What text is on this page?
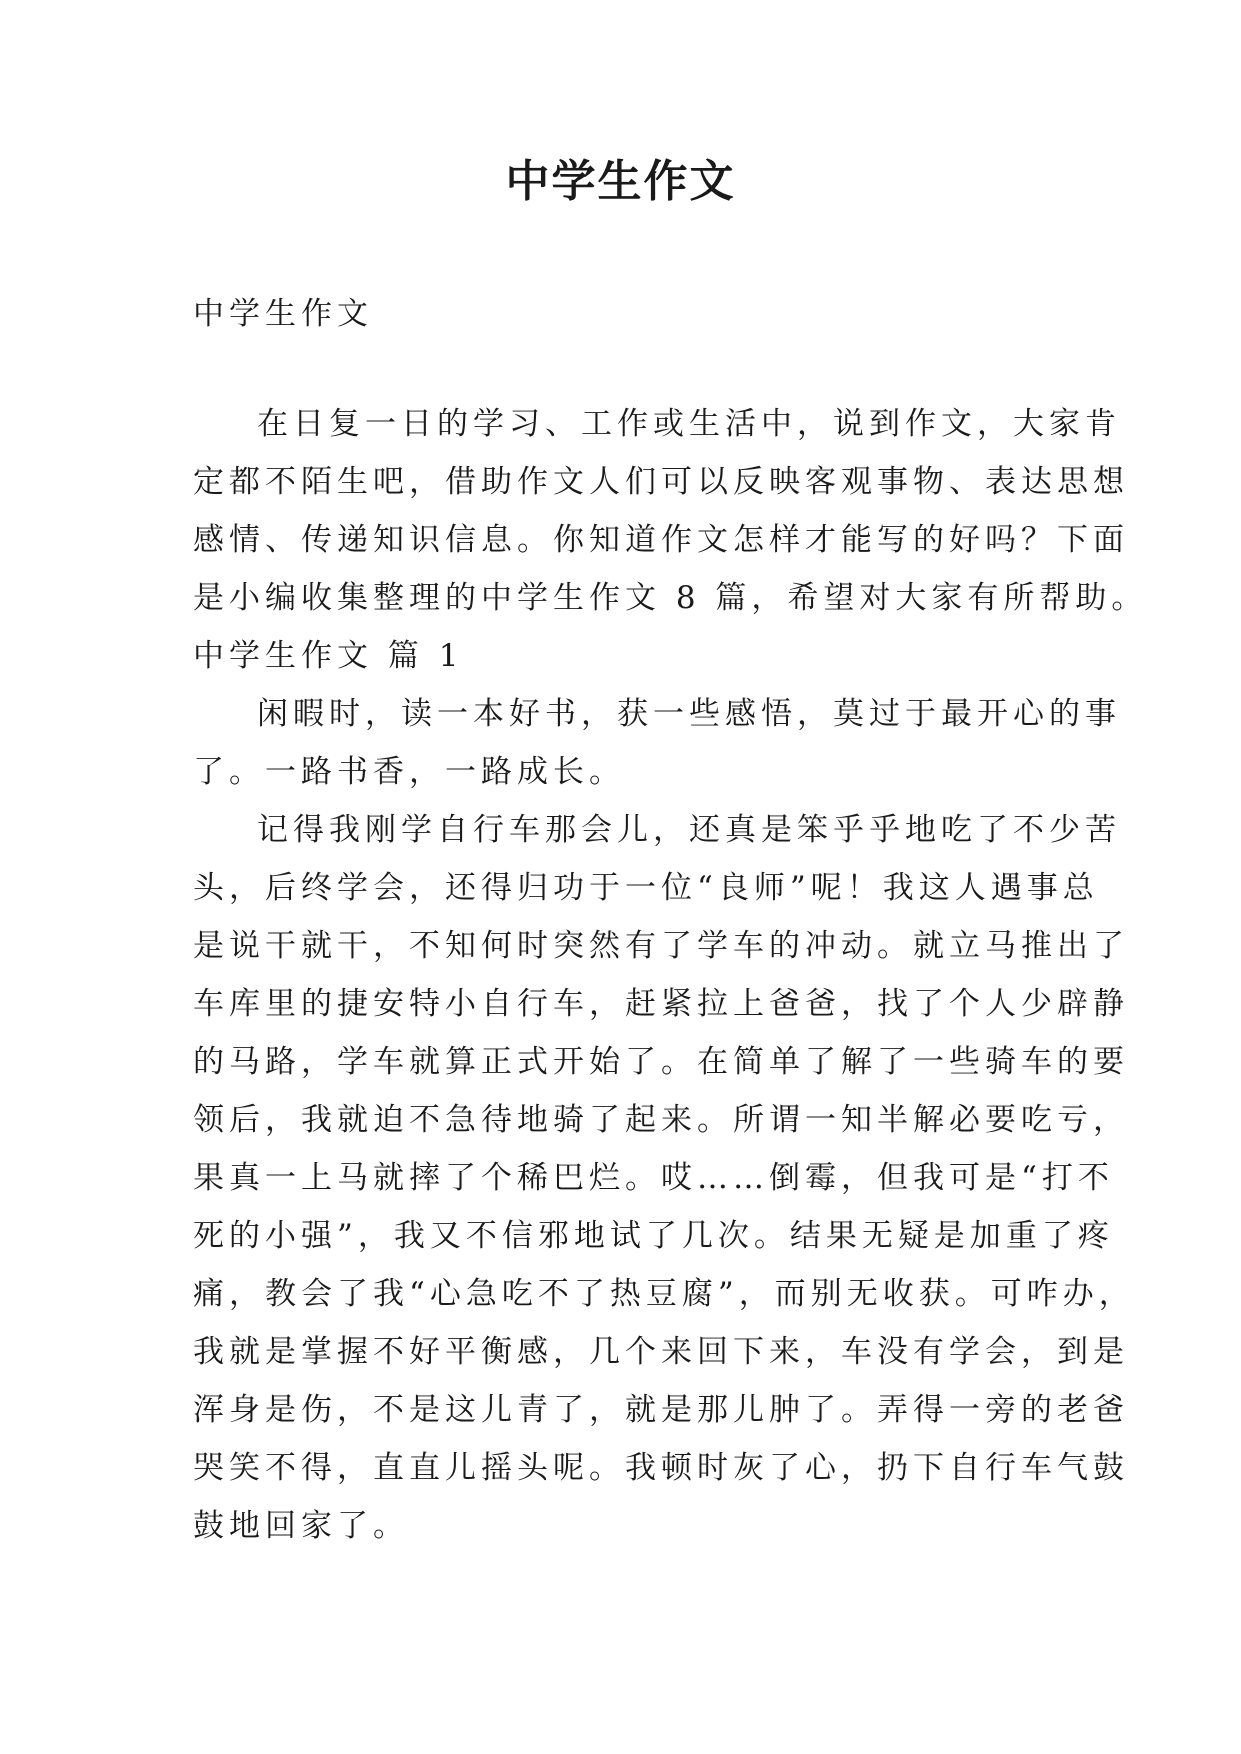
中学生作文

中学生作文

在日复一日的学习、工作或生活中，说到作文，大家肯

定都不陌生吧，借助作文人们可以反映客观事物、表达思想

感情、传递知识信息。你知道作文怎样才能写的好吗？下面

是小编收集整理的中学生作文 8 篇，希望对大家有所帮助。

中学生作文 篇 1

闲暇时，读一本好书，获一些感悟，莫过于最开心的事

了。一路书香，一路成长。

记得我刚学自行车那会儿，还真是笨乎乎地吃了不少苦

头，后终学会，还得归功于一位“良师”呢！我这人遇事总

是说干就干，不知何时突然有了学车的冲动。就立马推出了

车库里的捷安特小自行车，赶紧拉上爸爸，找了个人少辟静

的马路，学车就算正式开始了。在简单了解了一些骑车的要

领后，我就迫不急待地骑了起来。所谓一知半解必要吃亏，

果真一上马就摔了个稀巴烂。哎……倒霉，但我可是“打不

死的小强”，我又不信邪地试了几次。结果无疑是加重了疼

痛，教会了我“心急吃不了热豆腐”，而别无收获。可咋办，

我就是掌握不好平衡感，几个来回下来，车没有学会，到是

浑身是伤，不是这儿青了，就是那儿肿了。弄得一旁的老爸

哭笑不得，直直儿摇头呢。我顿时灰了心，扔下自行车气鼓

鼓地回家了。
